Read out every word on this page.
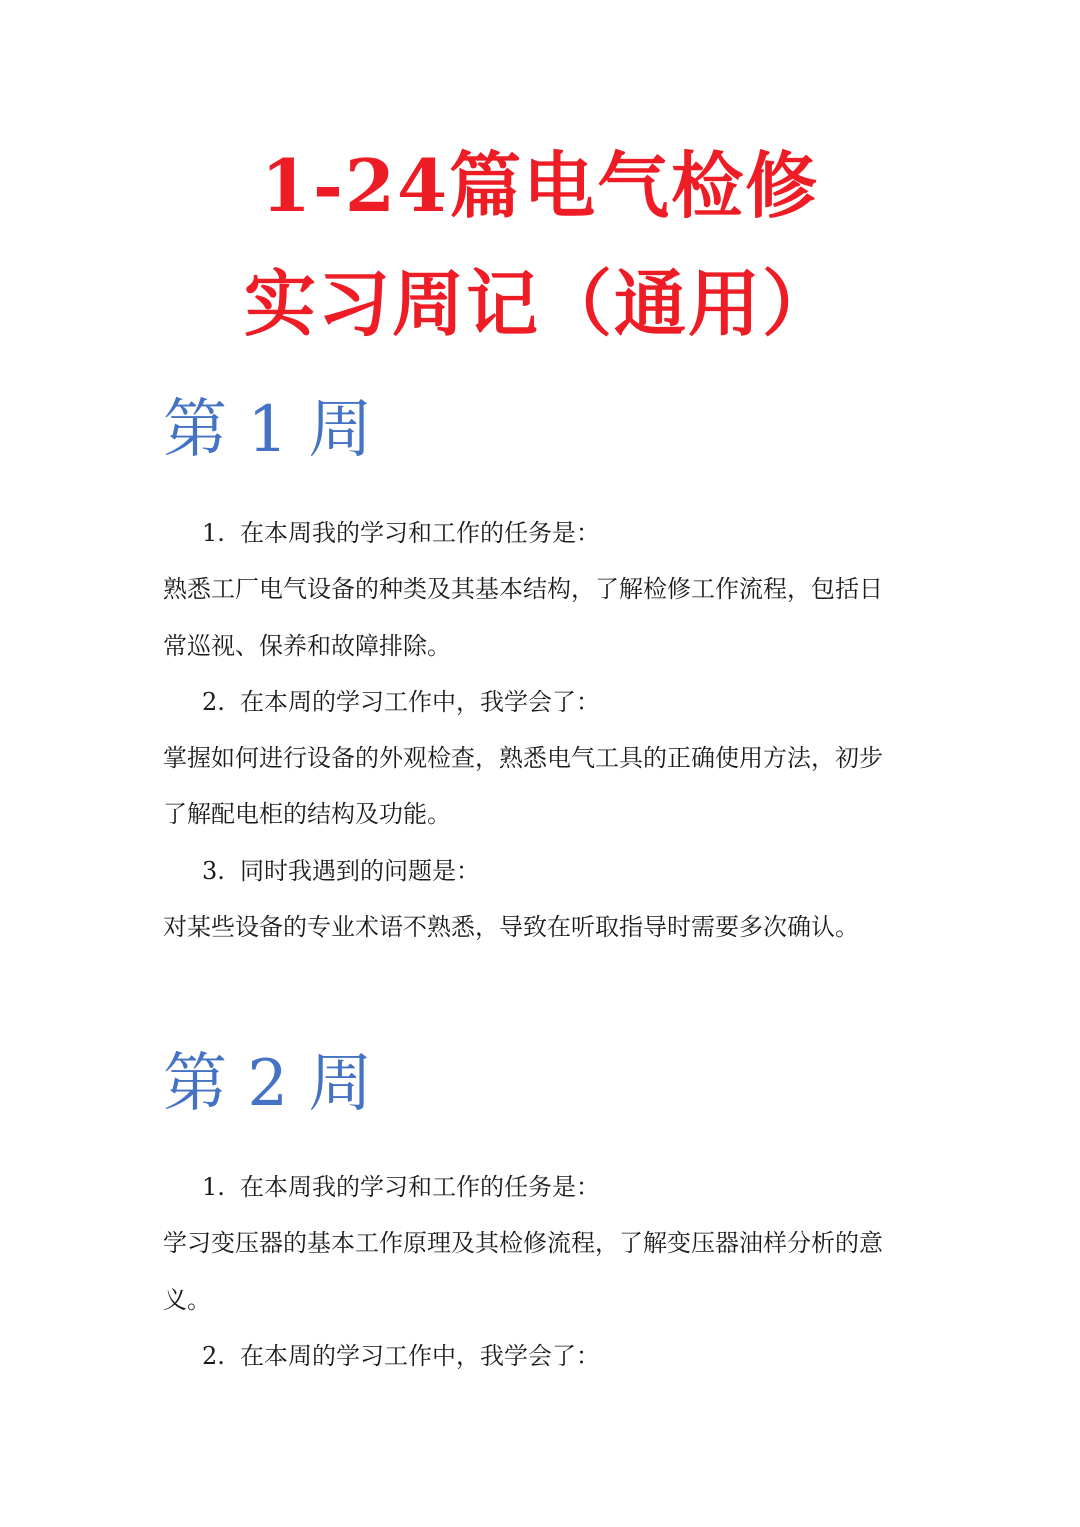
1-24篇电气检修
实习周记（通用）
第 1 周

1. 在本周我的学习和工作的任务是：

熟悉工厂电气设备的种类及其基本结构，了解检修工作流程，包括日

常巡视、保养和故障排除。

2. 在本周的学习工作中，我学会了：

掌握如何进行设备的外观检查，熟悉电气工具的正确使用方法，初步

了解配电柜的结构及功能。

3. 同时我遇到的问题是：

对某些设备的专业术语不熟悉，导致在听取指导时需要多次确认。

第 2 周

1. 在本周我的学习和工作的任务是：

学习变压器的基本工作原理及其检修流程，了解变压器油样分析的意

义。

2. 在本周的学习工作中，我学会了：
